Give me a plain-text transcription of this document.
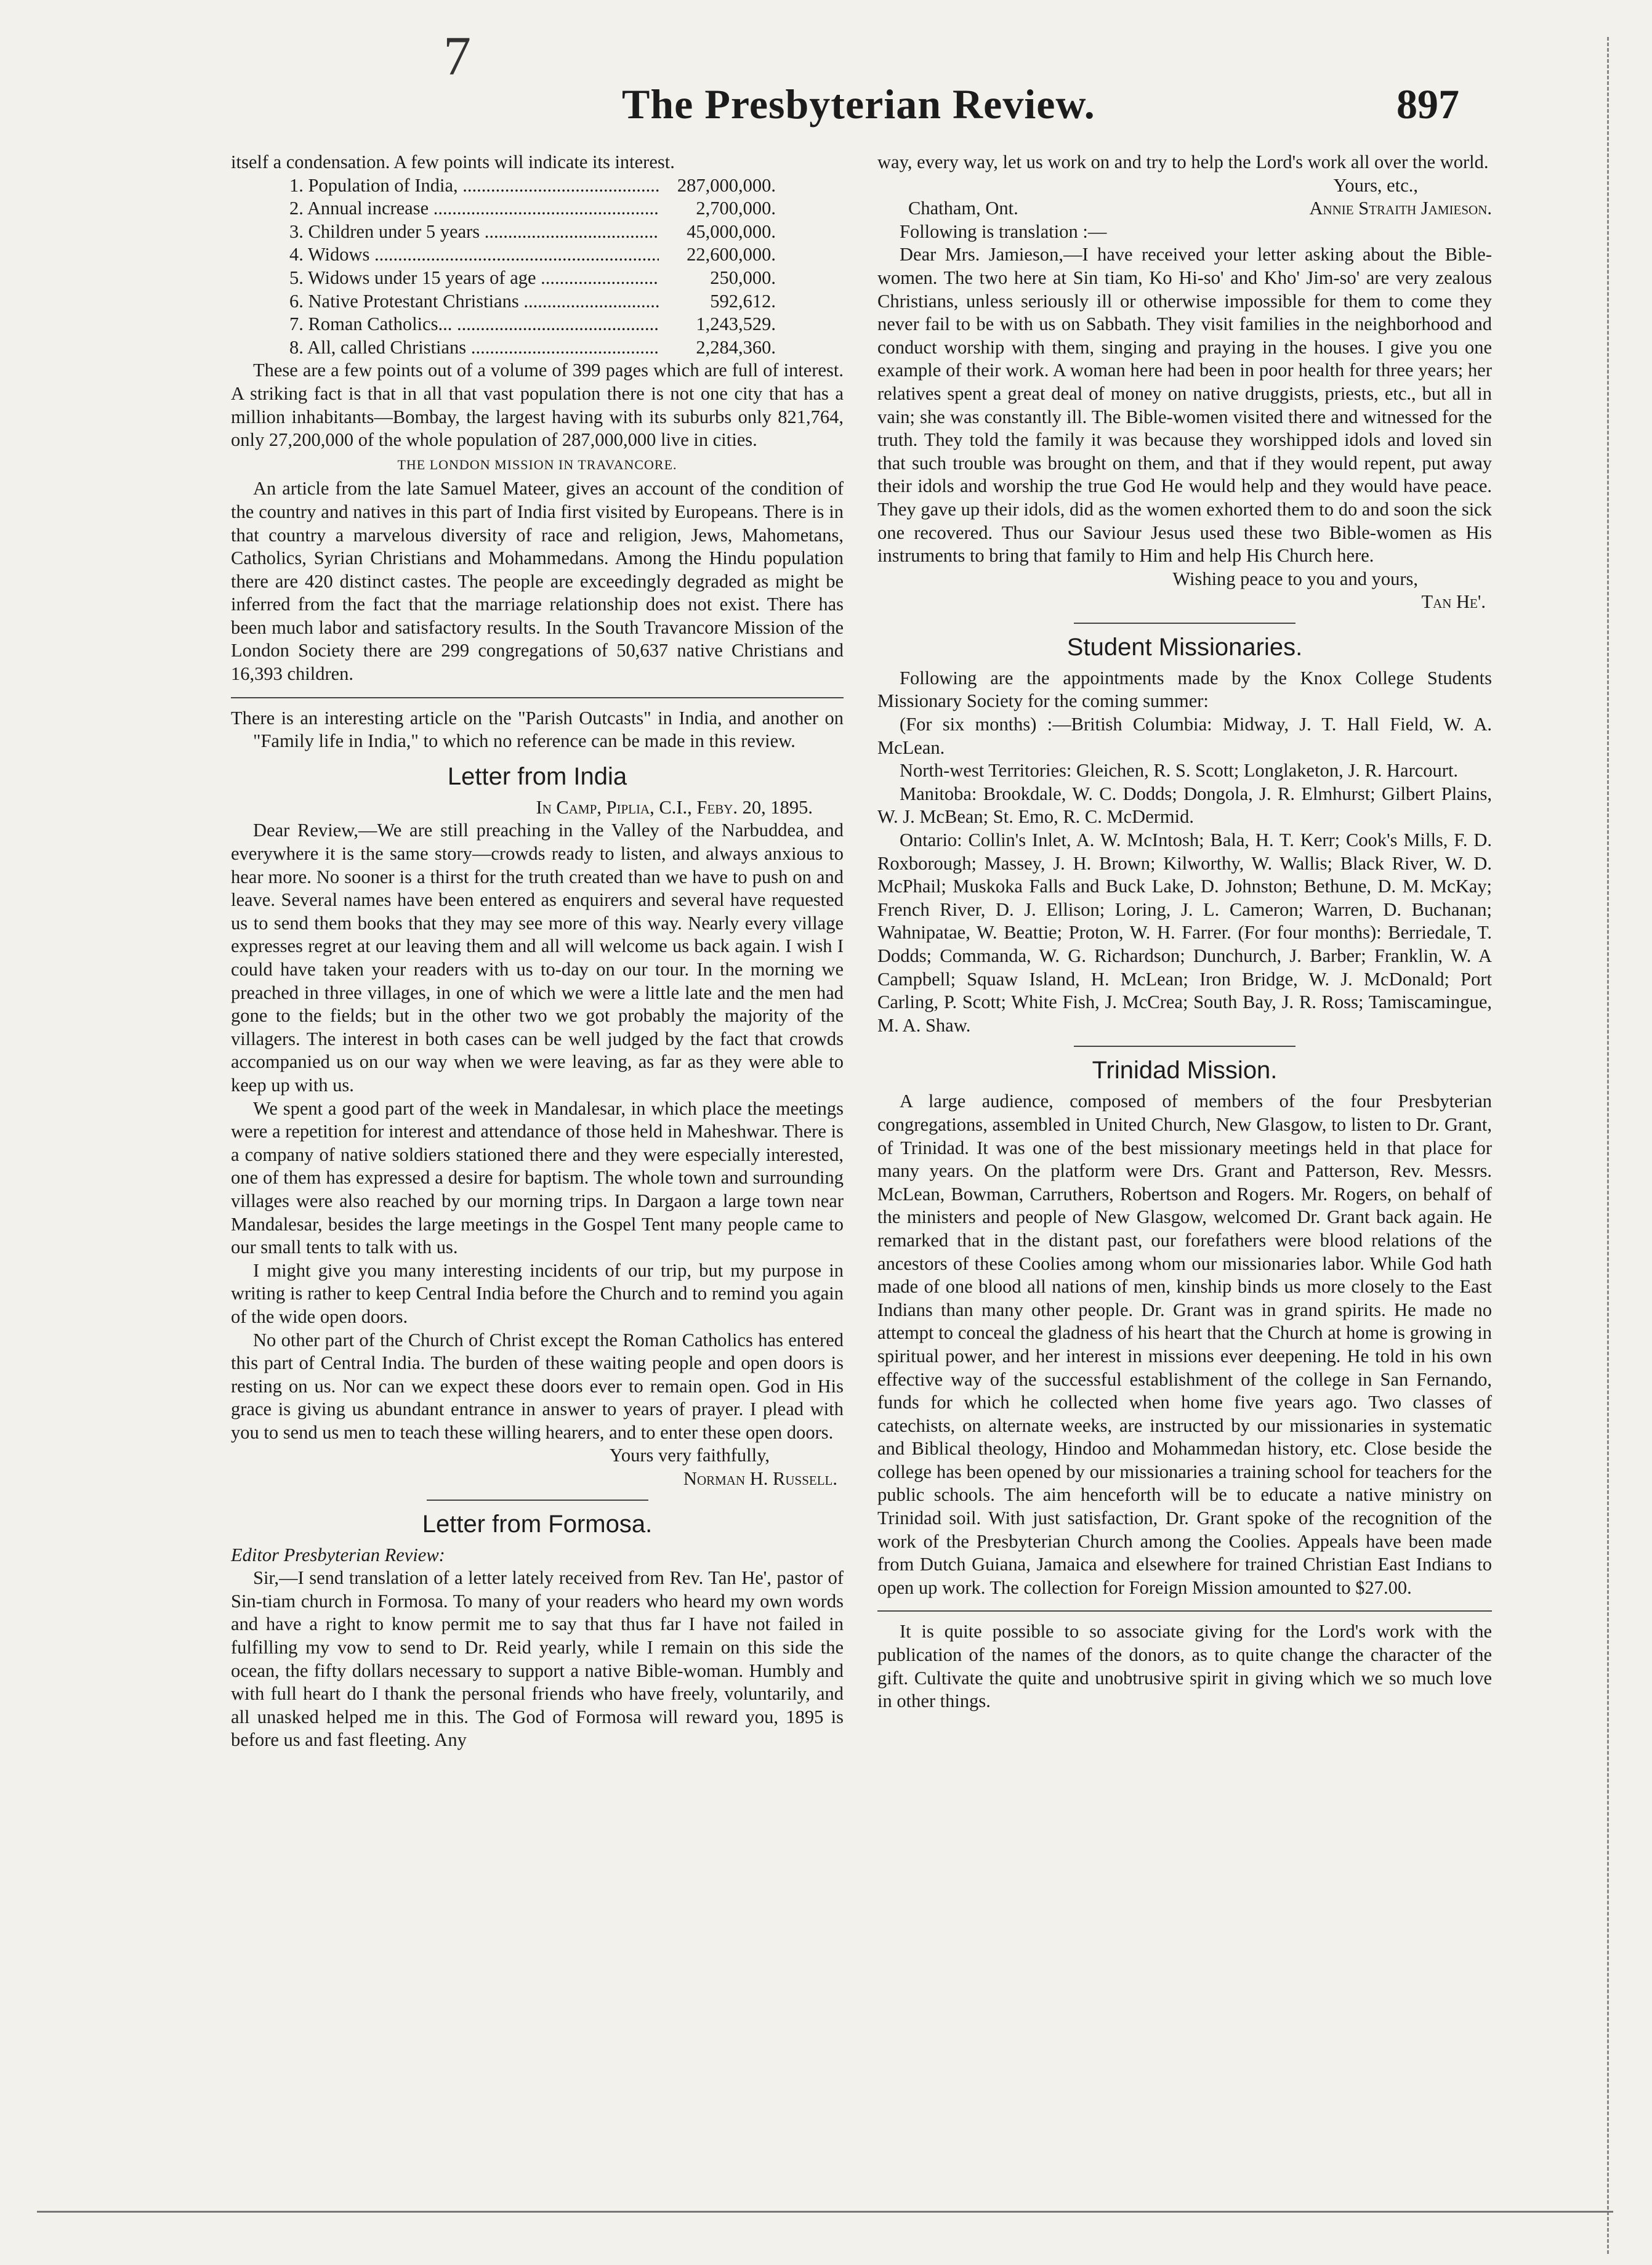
7
The Presbyterian Review.	897

itself a condensation. A few points will indicate its interest.

1. Population of India, .....	287,000,000.
2. Annual increase .....	2,700,000.
3. Children under 5 years .....	45,000,000.
4. Widows .....	22,600,000.
5. Widows under 15 years of age .....	250,000.
6. Native Protestant Christians .....	592,612.
7. Roman Catholics... .....	1,243,529.
8. All, called Christians .....	2,284,360.

These are a few points out of a volume of 399 pages which are full of interest. A striking fact is that in all that vast population there is not one city that has a million inhabitants—Bombay, the largest having with its suburbs only 821,764, only 27,200,000 of the whole population of 287,000,000 live in cities.

THE LONDON MISSION IN TRAVANCORE.

An article from the late Samuel Mateer, gives an account of the condition of the country and natives in this part of India first visited by Europeans. There is in that country a marvelous diversity of race and religion, Jews, Mahometans, Catholics, Syrian Christians and Mohammedans. Among the Hindu population there are 420 distinct castes. The people are exceedingly degraded as might be inferred from the fact that the marriage relationship does not exist. There has been much labor and satisfactory results. In the South Travancore Mission of the London Society there are 299 congregations of 50,637 native Christians and 16,393 children.

There is an interesting article on the "Parish Outcasts" in India, and another on "Family life in India," to which no reference can be made in this review.

Letter from India
In Camp, Piplia, C.I., Feby. 20, 1895.

Dear Review,—We are still preaching in the Valley of the Narbuddea, and everywhere it is the same story—crowds ready to listen, and always anxious to hear more. No sooner is a thirst for the truth created than we have to push on and leave. Several names have been entered as enquirers and several have requested us to send them books that they may see more of this way. Nearly every village expresses regret at our leaving them and all will welcome us back again. I wish I could have taken your readers with us to-day on our tour. In the morning we preached in three villages, in one of which we were a little late and the men had gone to the fields; but in the other two we got probably the majority of the villagers. The interest in both cases can be well judged by the fact that crowds accompanied us on our way when we were leaving, as far as they were able to keep up with us.

We spent a good part of the week in Mandalesar, in which place the meetings were a repetition for interest and attendance of those held in Maheshwar. There is a company of native soldiers stationed there and they were especially interested, one of them has expressed a desire for baptism. The whole town and surrounding villages were also reached by our morning trips. In Dargaon a large town near Mandalesar, besides the large meetings in the Gospel Tent many people came to our small tents to talk with us.

I might give you many interesting incidents of our trip, but my purpose in writing is rather to keep Central India before the Church and to remind you again of the wide open doors.

No other part of the Church of Christ except the Roman Catholics has entered this part of Central India. The burden of these waiting people and open doors is resting on us. Nor can we expect these doors ever to remain open. God in His grace is giving us abundant entrance in answer to years of prayer. I plead with you to send us men to teach these willing hearers, and to enter these open doors.

Yours very faithfully,
Norman H. Russell.
Letter from Formosa.

Editor Presbyterian Review:

Sir,—I send translation of a letter lately received from Rev. Tan He', pastor of Sin-tiam church in Formosa. To many of your readers who heard my own words and have a right to know permit me to say that thus far I have not failed in fulfilling my vow to send to Dr. Reid yearly, while I remain on this side the ocean, the fifty dollars necessary to support a native Bible-woman. Humbly and with full heart do I thank the personal friends who have freely, voluntarily, and all unasked helped me in this. The God of Formosa will reward you, 1895 is before us and fast fleeting. Any

way, every way, let us work on and try to help the Lord's work all over the world.

Yours, etc.,
Chatham, Ont.	Annie Straith Jamieson.

Following is translation :—

Dear Mrs. Jamieson,—I have received your letter asking about the Bible-women. The two here at Sin tiam, Ko Hi-so' and Kho' Jim-so' are very zealous Christians, unless seriously ill or otherwise impossible for them to come they never fail to be with us on Sabbath. They visit families in the neighborhood and conduct worship with them, singing and praying in the houses. I give you one example of their work. A woman here had been in poor health for three years; her relatives spent a great deal of money on native druggists, priests, etc., but all in vain; she was constantly ill. The Bible-women visited there and witnessed for the truth. They told the family it was because they worshipped idols and loved sin that such trouble was brought on them, and that if they would repent, put away their idols and worship the true God He would help and they would have peace. They gave up their idols, did as the women exhorted them to do and soon the sick one recovered. Thus our Saviour Jesus used these two Bible-women as His instruments to bring that family to Him and help His Church here.

Wishing peace to you and yours,
Tan He'.
Student Missionaries.

Following are the appointments made by the Knox College Students Missionary Society for the coming summer:

(For six months) :—British Columbia: Midway, J. T. Hall Field, W. A. McLean.

North-west Territories: Gleichen, R. S. Scott; Longlaketon, J. R. Harcourt.

Manitoba: Brookdale, W. C. Dodds; Dongola, J. R. Elmhurst; Gilbert Plains, W. J. McBean; St. Emo, R. C. McDermid.

Ontario: Collin's Inlet, A. W. McIntosh; Bala, H. T. Kerr; Cook's Mills, F. D. Roxborough; Massey, J. H. Brown; Kilworthy, W. Wallis; Black River, W. D. McPhail; Muskoka Falls and Buck Lake, D. Johnston; Bethune, D. M. McKay; French River, D. J. Ellison; Loring, J. L. Cameron; Warren, D. Buchanan; Wahnipatae, W. Beattie; Proton, W. H. Farrer. (For four months): Berriedale, T. Dodds; Commanda, W. G. Richardson; Dunchurch, J. Barber; Franklin, W. A Campbell; Squaw Island, H. McLean; Iron Bridge, W. J. McDonald; Port Carling, P. Scott; White Fish, J. McCrea; South Bay, J. R. Ross; Tamiscamingue, M. A. Shaw.

Trinidad Mission.

A large audience, composed of members of the four Presbyterian congregations, assembled in United Church, New Glasgow, to listen to Dr. Grant, of Trinidad. It was one of the best missionary meetings held in that place for many years. On the platform were Drs. Grant and Patterson, Rev. Messrs. McLean, Bowman, Carruthers, Robertson and Rogers. Mr. Rogers, on behalf of the ministers and people of New Glasgow, welcomed Dr. Grant back again. He remarked that in the distant past, our forefathers were blood relations of the ancestors of these Coolies among whom our missionaries labor. While God hath made of one blood all nations of men, kinship binds us more closely to the East Indians than many other people. Dr. Grant was in grand spirits. He made no attempt to conceal the gladness of his heart that the Church at home is growing in spiritual power, and her interest in missions ever deepening. He told in his own effective way of the successful establishment of the college in San Fernando, funds for which he collected when home five years ago. Two classes of catechists, on alternate weeks, are instructed by our missionaries in systematic and Biblical theology, Hindoo and Mohammedan history, etc. Close beside the college has been opened by our missionaries a training school for teachers for the public schools. The aim henceforth will be to educate a native ministry on Trinidad soil. With just satisfaction, Dr. Grant spoke of the recognition of the work of the Presbyterian Church among the Coolies. Appeals have been made from Dutch Guiana, Jamaica and elsewhere for trained Christian East Indians to open up work. The collection for Foreign Mission amounted to $27.00.

It is quite possible to so associate giving for the Lord's work with the publication of the names of the donors, as to quite change the character of the gift. Cultivate the quite and unobtrusive spirit in giving which we so much love in other things.
